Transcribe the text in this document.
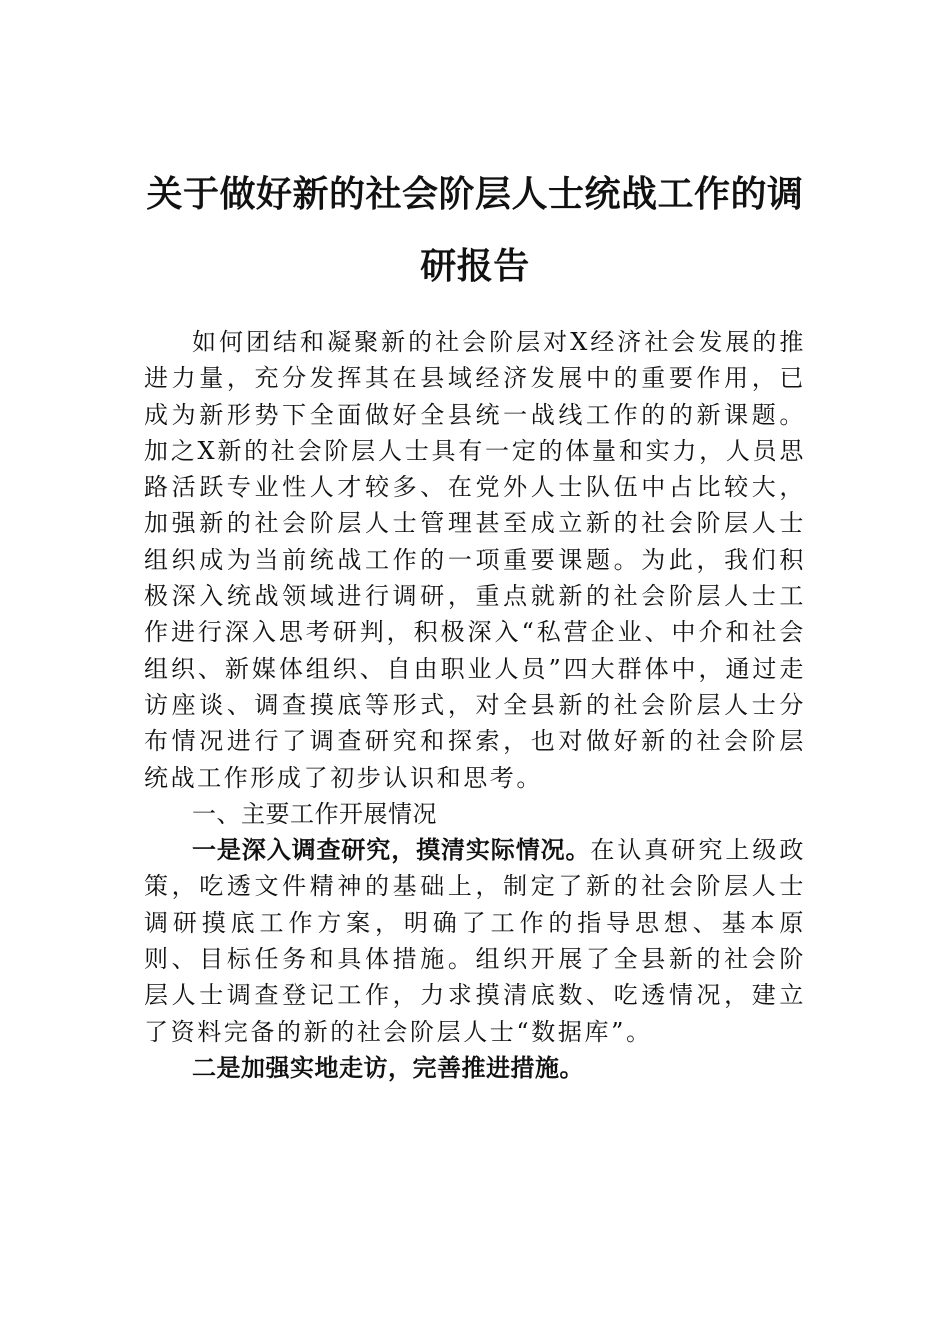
关于做好新的社会阶层人士统战工作的调研报告

如何团结和凝聚新的社会阶层对X经济社会发展的推进力量，充分发挥其在县域经济发展中的重要作用，已成为新形势下全面做好全县统一战线工作的的新课题。加之X新的社会阶层人士具有一定的体量和实力，人员思路活跃专业性人才较多、在党外人士队伍中占比较大，加强新的社会阶层人士管理甚至成立新的社会阶层人士组织成为当前统战工作的一项重要课题。为此，我们积极深入统战领域进行调研，重点就新的社会阶层人士工作进行深入思考研判，积极深入“私营企业、中介和社会组织、新媒体组织、自由职业人员”四大群体中，通过走访座谈、调查摸底等形式，对全县新的社会阶层人士分布情况进行了调查研究和探索，也对做好新的社会阶层统战工作形成了初步认识和思考。

一、主要工作开展情况

一是深入调查研究，摸清实际情况。在认真研究上级政策，吃透文件精神的基础上，制定了新的社会阶层人士调研摸底工作方案，明确了工作的指导思想、基本原则、目标任务和具体措施。组织开展了全县新的社会阶层人士调查登记工作，力求摸清底数、吃透情况，建立了资料完备的新的社会阶层人士“数据库”。

二是加强实地走访，完善推进措施。
